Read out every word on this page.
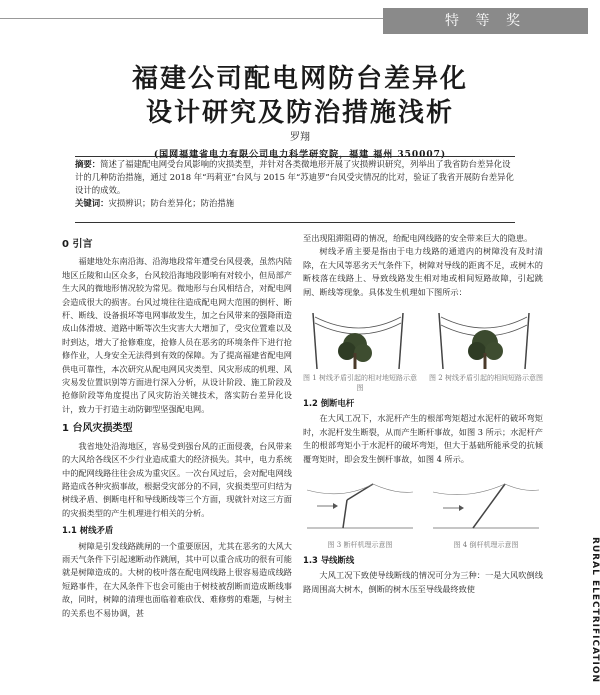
特 等 奖
福建公司配电网防台差异化
设计研究及防治措施浅析
罗翔
(国网福建省电力有限公司电力科学研究院，福建 福州 350007)
摘要：简述了福建配电网受台风影响的灾损类型，并针对各类微地形开展了灾损辨识研究，列举出了我省防台差异化设计的几种防治措施，通过 2018 年“玛莉亚”台风与 2015 年“苏迪罗”台风受灾情况的比对，验证了我省开展防台差异化设计的成效。
关键词：灾损辨识；防台差异化；防治措施
0 引言

福建地处东南沿海、沿海地段常年遭受台风侵袭，虽然内陆地区丘陵和山区众多，台风较沿海地段影响有对较小，但局部产生大风的微地形情况较为常见。微地形与台风相结合，对配电网会造成很大的损害。台风过境往往造成配电网大范围的倒杆、断杆、断线、设备损坏等电网事故发生，加之台风带来的强降雨造成山体滑坡、道路中断等次生灾害大大增加了，受灾位置难以及时到达，增大了抢修难度，抢修人员在恶劣的环境条件下进行抢修作业，人身安全无法得到有效的保障。为了提高福建省配电网供电可靠性，本次研究从配电网风灾类型、风灾形成的机理、风灾易发位置识别等方面进行深入分析，从设计阶段、施工阶段及抢修阶段等角度提出了风灾防治关键技术，落实防台差异化设计，致力于打造主动防御型坚强配电网。

1 台风灾损类型

我省地处沿海地区，容易受到强台风的正面侵袭，台风带来的大风给各线区不少行业造成重大的经济损失。其中，电力系统中的配网线路往往会成为重灾区。一次台风过后，会对配电网线路造成各种灾损事故，根据受灾部分的不同，灾损类型可归结为树线矛盾、倒断电杆和导线断线等三个方面，现就针对这三方面的灾损类型的产生机理进行相关的分析。

1.1 树线矛盾

树障是引发线路跳闸的一个重要原因，尤其在恶劣的大风大雨天气条件下引起速断动作跳闸，其中可以重合成功的很有可能就是树障造成的。大树的枝叶落在配电网线路上很容易造成线路短路事件，在大风条件下也会可能由于树枝被刮断而造成断线事故，同时，树障的清理也面临着难砍伐、难修剪的难题，与树主的关系也不易协调，甚

至出现阻滞阻碍的情况，给配电网线路的安全带来巨大的隐患。

树线矛盾主要是指由于电力线路的通道内的树障没有及时清除，在大风等恶劣天气条件下，树障对导线的距离不足，或树木的断枝落在线路上、导致线路发生相对地或相间短路故障，引起跳闸、断线等现象。具体发生机理如下图所示：

图 1 树线矛盾引起的相对地短路示意图
图 2 树线矛盾引起的相间短路示意图
1.2 倒断电杆

在大风工况下，水泥杆产生的根部弯矩超过水泥杆的破坏弯矩时，水泥杆发生断裂，从而产生断杆事故，如图 3 所示；水泥杆产生的根部弯矩小于水泥杆的破坏弯矩，但大于基础所能承受的抗倾覆弯矩时，即会发生倒杆事故，如图 4 所示。

图 3 断杆机理示意图	图 4 倒杆机理示意图
1.3 导线断线

大风工况下致使导线断线的情况可分为三种：一是大风吹倒线路周围高大树木，倒断的树木压至导线最终致使	RURAL ELECTRIFICATION
